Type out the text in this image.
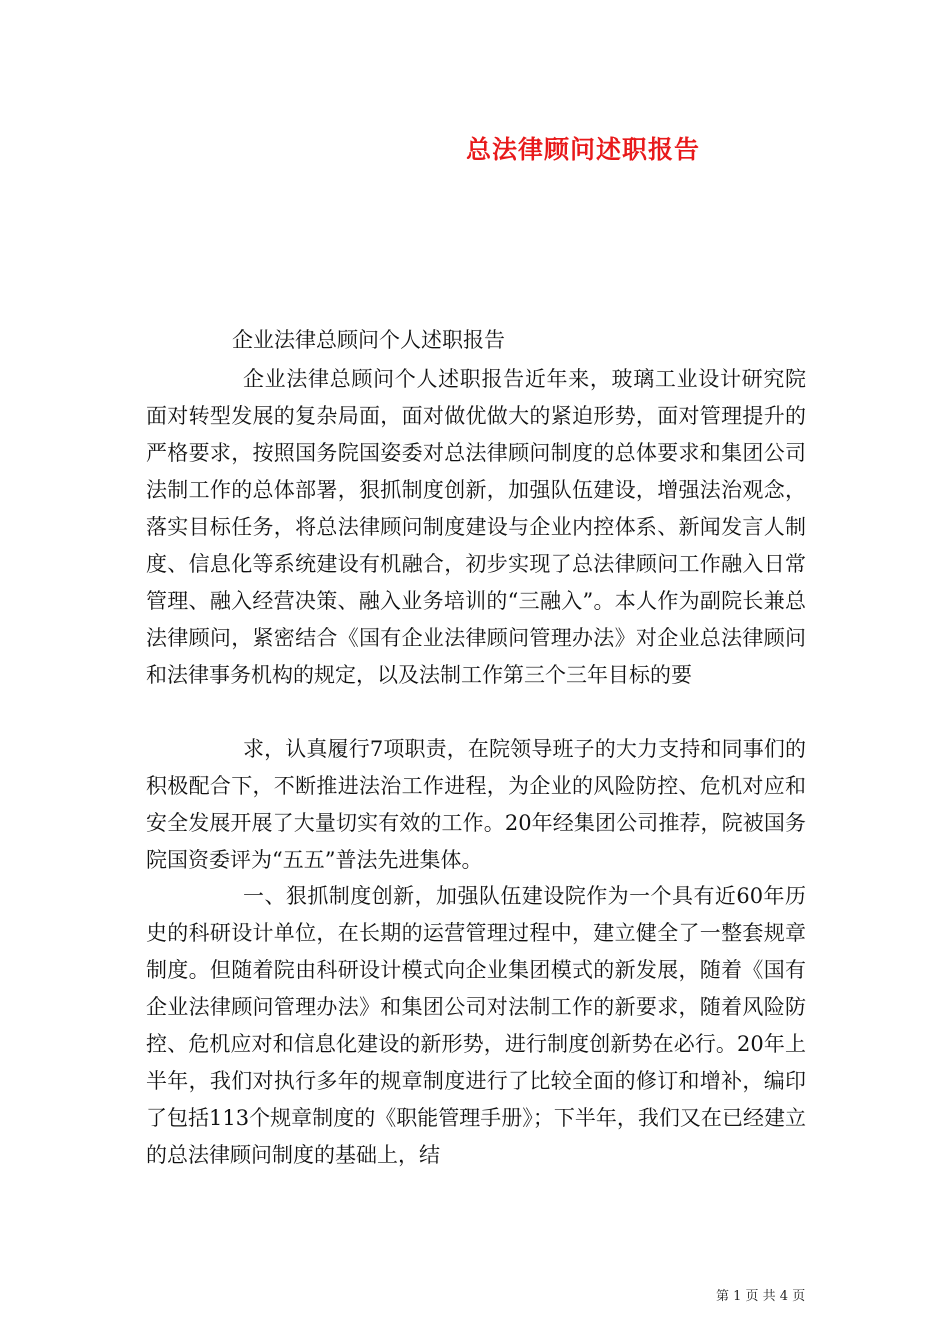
总法律顾问述职报告
企业法律总顾问个人述职报告
企业法律总顾问个人述职报告近年来，玻璃工业设计研究院面对转型发展的复杂局面，面对做优做大的紧迫形势，面对管理提升的严格要求，按照国务院国姿委对总法律顾问制度的总体要求和集团公司法制工作的总体部署，狠抓制度创新，加强队伍建设，增强法治观念，落实目标任务，将总法律顾问制度建设与企业内控体系、新闻发言人制度、信息化等系统建设有机融合，初步实现了总法律顾问工作融入日常管理、融入经营决策、融入业务培训的“三融入”。本人作为副院长兼总法律顾问，紧密结合《国有企业法律顾问管理办法》对企业总法律顾问和法律事务机构的规定，以及法制工作第三个三年目标的要
求，认真履行7项职责，在院领导班子的大力支持和同事们的积极配合下，不断推进法治工作进程，为企业的风险防控、危机对应和安全发展开展了大量切实有效的工作。20年经集团公司推荐，院被国务院国资委评为“五五”普法先进集体。
一、狠抓制度创新，加强队伍建设院作为一个具有近60年历史的科研设计单位，在长期的运营管理过程中，建立健全了一整套规章制度。但随着院由科研设计模式向企业集团模式的新发展，随着《国有企业法律顾问管理办法》和集团公司对法制工作的新要求，随着风险防控、危机应对和信息化建设的新形势，进行制度创新势在必行。20年上半年，我们对执行多年的规章制度进行了比较全面的修订和增补，编印了包括113个规章制度的《职能管理手册》；下半年，我们又在已经建立的总法律顾问制度的基础上，结
第 1 页 共 4 页
